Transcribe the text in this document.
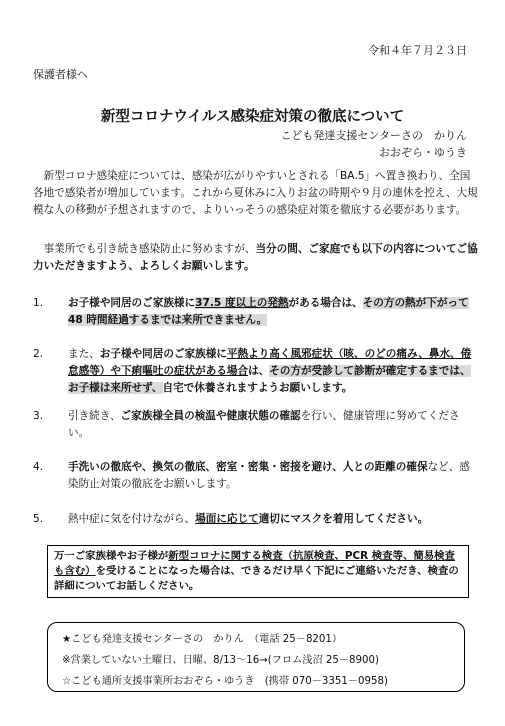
令和４年７月２３日
保護者様へ
新型コロナウイルス感染症対策の徹底について
こども発達支援センターさの　かりん
おおぞら・ゆうき
新型コロナ感染症については、感染が広がりやすいとされる「BA.5」へ置き換わり、全国各地で感染者が増加しています。これから夏休みに入りお盆の時期や９月の連休を控え、大規模な人の移動が予想されますので、よりいっそうの感染症対策を徹底する必要があります。
事業所でも引き続き感染防止に努めますが、当分の間、ご家庭でも以下の内容についてご協力いただきますよう、よろしくお願いします。
1.	お子様や同居のご家族様に37.5 度以上の発熱がある場合は、その方の熱が下がって 48 時間経過するまでは来所できません。
2.	また、お子様や同居のご家族様に平熱より高く風邪症状（咳、のどの痛み、鼻水、倦怠感等）や下痢嘔吐の症状がある場合は、その方が受診して診断が確定するまでは、お子様は来所せず、自宅で休養されますようお願いします。
3.	引き続き、ご家族様全員の検温や健康状態の確認を行い、健康管理に努めてください。
4.	手洗いの徹底や、換気の徹底、密室・密集・密接を避け、人との距離の確保など、感染防止対策の徹底をお願いします。
5.	熱中症に気を付けながら、場面に応じて適切にマスクを着用してください。
万一ご家族様やお子様が新型コロナに関する検査（抗原検査、PCR 検査等、簡易検査も含む）を受けることになった場合は、できるだけ早く下記にご連絡いただき、検査の詳細についてお話しください。
★こども発達支援センターさの　かりん　（電話 25－8201）
※営業していない土曜日、日曜、8/13～16→(フロム浅沼 25－8900)
☆こども通所支援事業所おおぞら・ゆうき　(携帯 070－3351－0958)
